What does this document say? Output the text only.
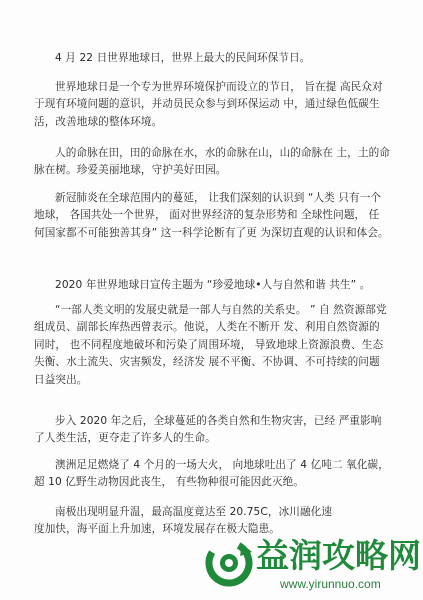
4 月 22 日世界地球日，世界上最大的民间环保节日。
世界地球日是一个专为世界环境保护而设立的节日， 旨在提 高民众对于现有环境问题的意识，并动员民众参与到环保运动 中，通过绿色低碳生活，改善地球的整体环境。
人的命脉在田，田的命脉在水，水的命脉在山，山的命脉在 土，土的命脉在树。珍爱美丽地球，守护美好田园。
新冠肺炎在全球范围内的蔓延， 让我们深刻的认识到 “人类 只有一个地球， 各国共处一个世界， 面对世界经济的复杂形势和 全球性问题， 任何国家都不可能独善其身” 这一科学论断有了更 为深切直观的认识和体会。
2020 年世界地球日宣传主题为 “珍爱地球•人与自然和谐 共生” 。
“一部人类文明的发展史就是一部人与自然的关系史。 ” 自 然资源部党组成员、副部长库热西曾表示。他说，人类在不断开 发、利用自然资源的同时， 也不同程度地破坏和污染了周围环境， 导致地球上资源浪费、生态失衡、水土流失、灾害频发，经济发 展不平衡、不协调、不可持续的问题日益突出。
步入 2020 年之后，全球蔓延的各类自然和生物灾害，已经 严重影响了人类生活，更夺走了许多人的生命。
澳洲足足燃烧了 4 个月的一场大火， 向地球吐出了 4 亿吨二 氧化碳， 超 10 亿野生动物因此丧生， 有些物种很可能因此灭绝。
南极出现明显升温，最高温度竟达至 20.75C，冰川融化速 度加快，海平面上升加速，环境发展存在极大隐患。
益润攻略网
www.yirunnuo.com
